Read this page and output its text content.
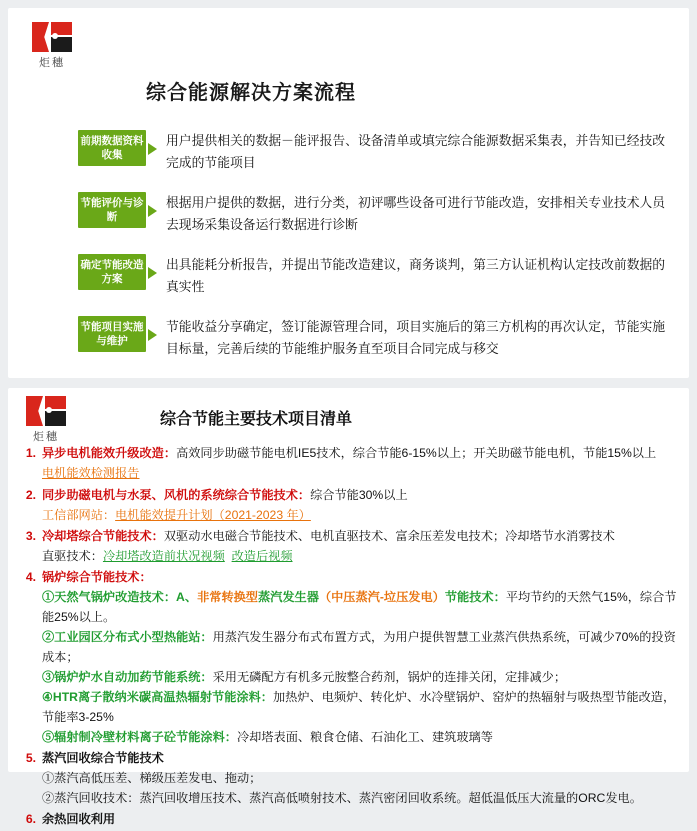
炬穗
综合能源解决方案流程
前期数据资料收集
用户提供相关的数据－能评报告、设备清单或填完综合能源数据采集表，并告知已经技改完成的节能项目
节能评价与诊断
根据用户提供的数据，进行分类，初评哪些设备可进行节能改造，安排相关专业技术人员去现场采集设备运行数据进行诊断
确定节能改造方案
出具能耗分析报告，并提出节能改造建议，商务谈判，第三方认证机构认定技改前数据的真实性
节能项目实施与维护
节能收益分享确定，签订能源管理合同，项目实施后的第三方机构的再次认定，节能实施目标量，完善后续的节能维护服务直至项目合同完成与移交
炬穗
综合节能主要技术项目清单
1. 异步电机能效升级改造：高效同步助磁节能电机IE5技术，综合节能6-15%以上；开关助磁节能电机，节能15%以上
电机能效检测报告
2. 同步助磁电机与水泵、风机的系统综合节能技术：综合节能30%以上
工信部网站：电机能效提升计划（2021-2023 年）
3. 冷却塔综合节能技术：双驱动水电磁合节能技术、电机直驱技术、富余压差发电技术；冷却塔节水消雾技术
直驱技术：冷却塔改造前状况视频 改造后视频
4. 锅炉综合节能技术：
①天然气锅炉改造技术：A、非常转换型蒸汽发生器（中压蒸汽-垃压发电）节能技术：平均节约的天然气15%，综合节能25%以上。
②工业园区分布式小型热能站：用蒸汽发生器分布式布置方式，为用户提供智慧工业蒸汽供热系统，可减少70%的投资成本；
③锅炉炉水自动加药节能系统：采用无磷配方有机多元胺整合药剂，锅炉的连排关闭，定排减少；
④HTR离子散纳米碳高温热辐射节能涂料：加热炉、电频炉、转化炉、水冷壁锅炉、窑炉的热辐射与吸热型节能改造，节能率3-25%
⑤辐射制冷壁材料离子砼节能涂料：冷却塔表面、粮食仓储、石油化工、建筑玻璃等
5. 蒸汽回收综合节能技术
①蒸汽高低压差、梯级压差发电、拖动；
②蒸汽回收技术：蒸汽回收增压技术、蒸汽高低喷射技术、蒸汽密闭回收系统。超低温低压大流量的ORC发电。
6. 余热回收利用
